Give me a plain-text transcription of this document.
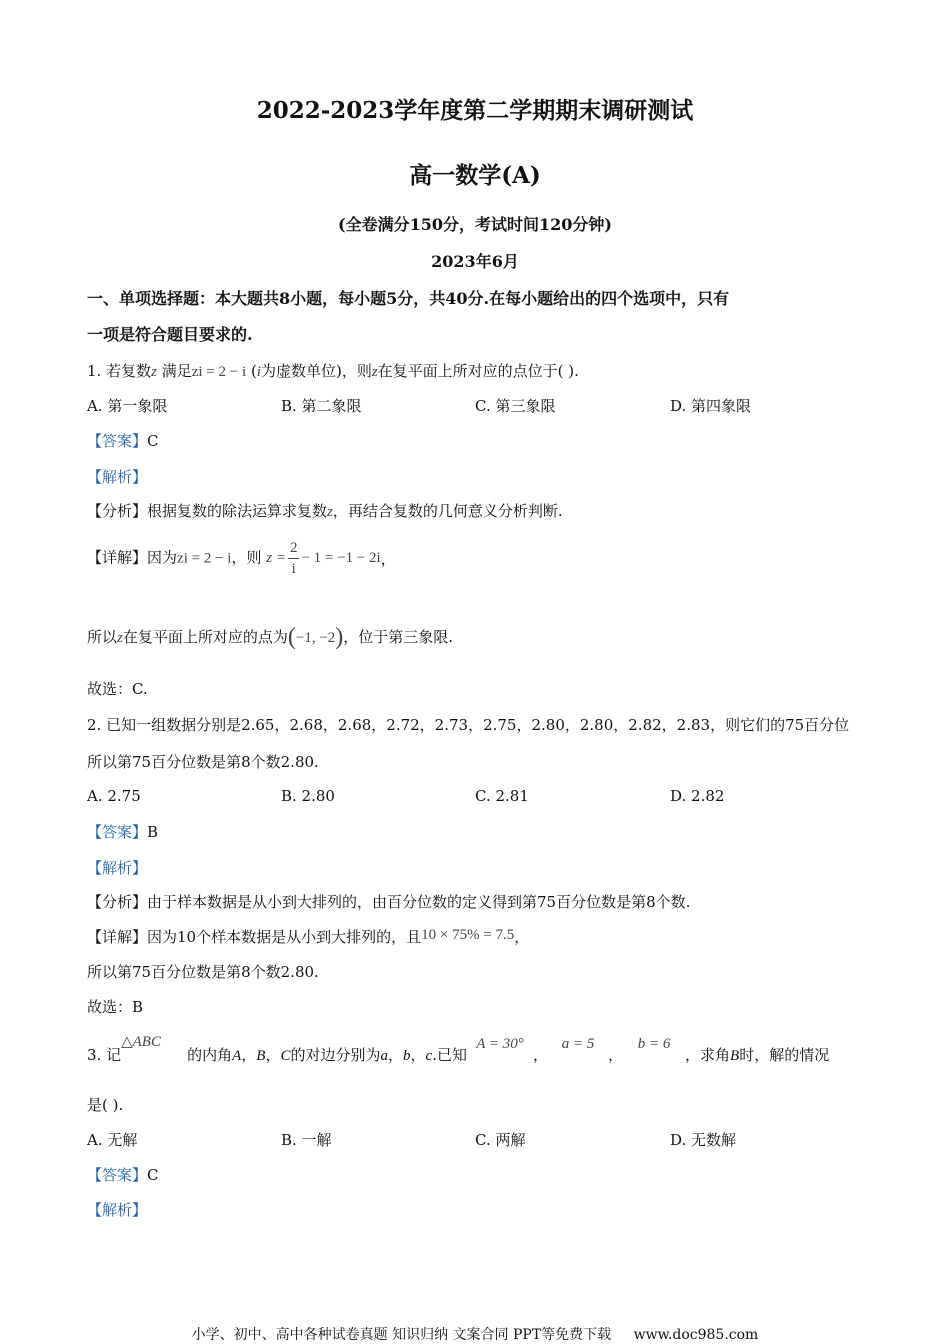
2022-2023学年度第二学期期末调研测试
高一数学(A)
(全卷满分150分，考试时间120分钟)
2023年6月
一、单项选择题：本大题共8小题，每小题5分，共40分.在每小题给出的四个选项中，只有
一项是符合题目要求的.
1. 若复数z 满足zi = 2 − i (i为虚数单位)，则z在复平面上所对应的点位于( ).
A. 第一象限	B. 第二象限	C. 第三象限	D. 第四象限
【答案】C
【解析】
【分析】根据复数的除法运算求复数z，再结合复数的几何意义分析判断.
【详解】因为zi = 2 − i，则 $z = \frac{2}{i} - 1 = -1 - 2i$，
所以z在复平面上所对应的点为(−1, −2)，位于第三象限.
故选：C.
2. 已知一组数据分别是2.65，2.68，2.68，2.72，2.73，2.75，2.80，2.80，2.82，2.83，则它们的75百分位
所以第75百分位数是第8个数2.80.
A. 2.75	B. 2.80	C. 2.81	D. 2.82
【答案】B
【解析】
【分析】由于样本数据是从小到大排列的，由百分位数的定义得到第75百分位数是第8个数.
【详解】因为10个样本数据是从小到大排列的，且10 × 75% = 7.5，
所以第75百分位数是第8个数2.80.
故选：B
3. 记△ABC的内角A，B，C的对边分别为a，b，c.已知A = 30°，a = 5，b = 6，求角B时，解的情况
是( ).
A. 无解	B. 一解	C. 两解	D. 无数解
【答案】C
【解析】
小学、初中、高中各种试卷真题 知识归纳 文案合同 PPT等免费下载 www.doc985.com
